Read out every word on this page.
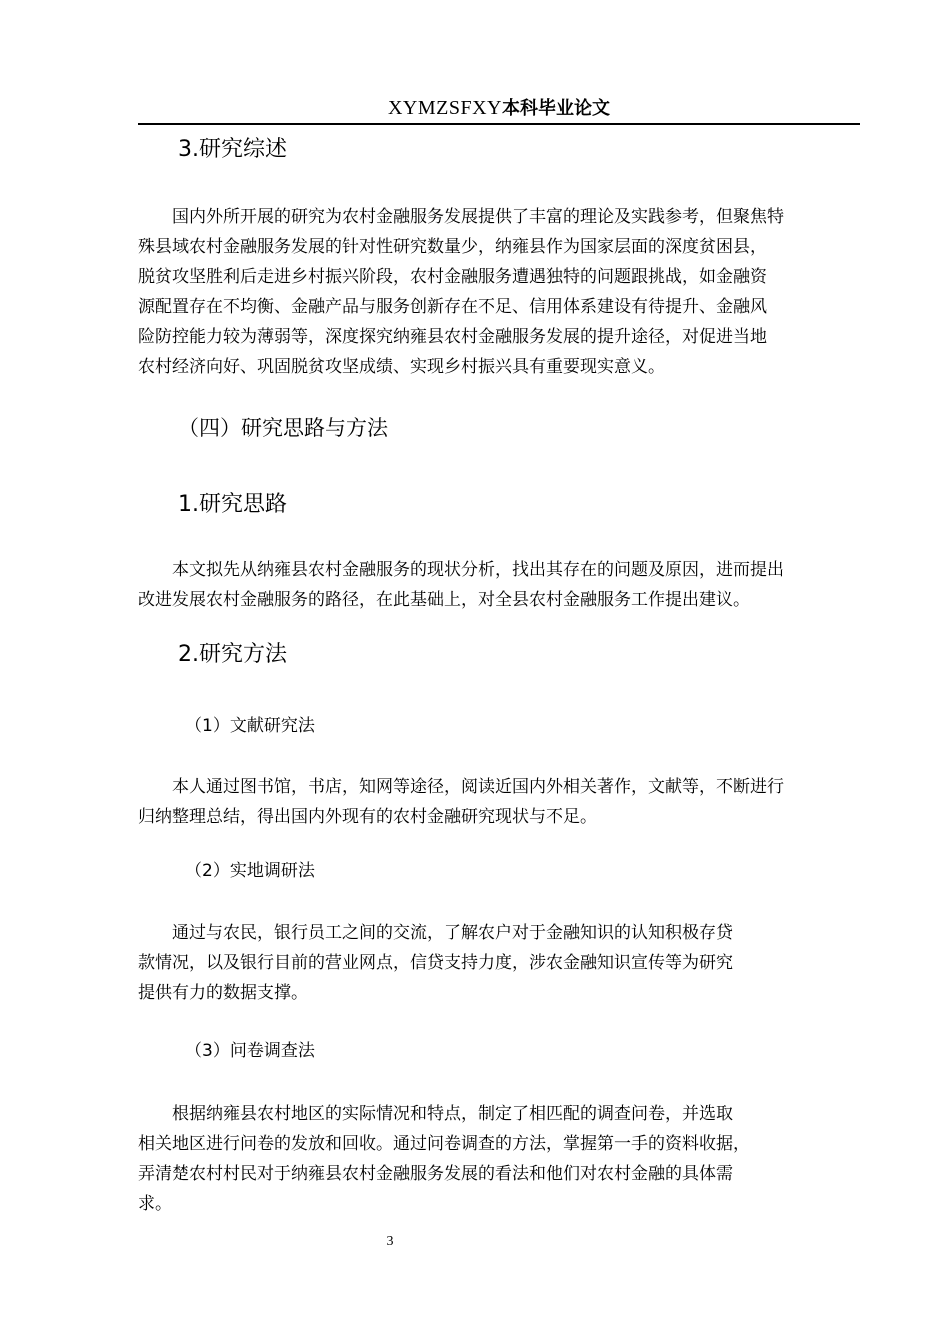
XYMZSFXY本科毕业论文
3.研究综述
　　国内外所开展的研究为农村金融服务发展提供了丰富的理论及实践参考，但聚焦特
殊县域农村金融服务发展的针对性研究数量少，纳雍县作为国家层面的深度贫困县，
脱贫攻坚胜利后走进乡村振兴阶段，农村金融服务遭遇独特的问题跟挑战，如金融资
源配置存在不均衡、金融产品与服务创新存在不足、信用体系建设有待提升、金融风
险防控能力较为薄弱等，深度探究纳雍县农村金融服务发展的提升途径，对促进当地
农村经济向好、巩固脱贫攻坚成绩、实现乡村振兴具有重要现实意义。
（四）研究思路与方法
1.研究思路
　　本文拟先从纳雍县农村金融服务的现状分析，找出其存在的问题及原因，进而提出
改进发展农村金融服务的路径，在此基础上，对全县农村金融服务工作提出建议。
2.研究方法
（1）文献研究法
　　本人通过图书馆，书店，知网等途径，阅读近国内外相关著作，文献等，不断进行
归纳整理总结，得出国内外现有的农村金融研究现状与不足。
（2）实地调研法
　　通过与农民，银行员工之间的交流，了解农户对于金融知识的认知积极存贷
款情况，以及银行目前的营业网点，信贷支持力度，涉农金融知识宣传等为研究
提供有力的数据支撑。
（3）问卷调查法
　　根据纳雍县农村地区的实际情况和特点，制定了相匹配的调查问卷，并选取
相关地区进行问卷的发放和回收。通过问卷调查的方法，掌握第一手的资料收据，
弄清楚农村村民对于纳雍县农村金融服务发展的看法和他们对农村金融的具体需
求。
3
